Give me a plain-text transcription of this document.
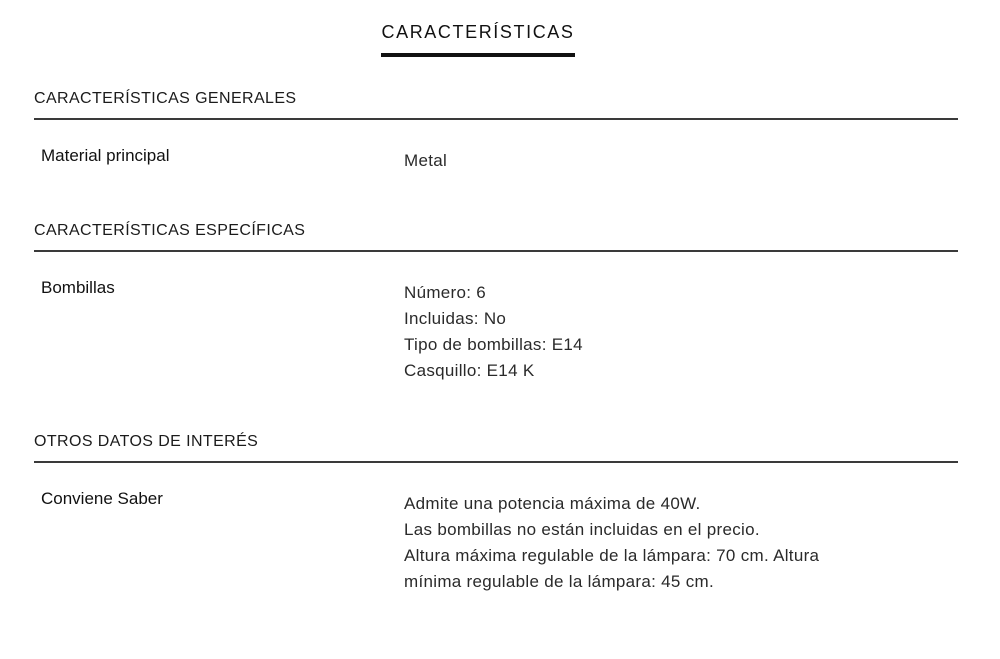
CARACTERÍSTICAS
CARACTERÍSTICAS GENERALES
Material principal	Metal
CARACTERÍSTICAS ESPECÍFICAS
Bombillas	Número: 6
Incluidas: No
Tipo de bombillas: E14
Casquillo: E14 K
OTROS DATOS DE INTERÉS
Conviene Saber	Admite una potencia máxima de 40W.
Las bombillas no están incluidas en el precio.
Altura máxima regulable de la lámpara: 70 cm. Altura
mínima regulable de la lámpara: 45 cm.
